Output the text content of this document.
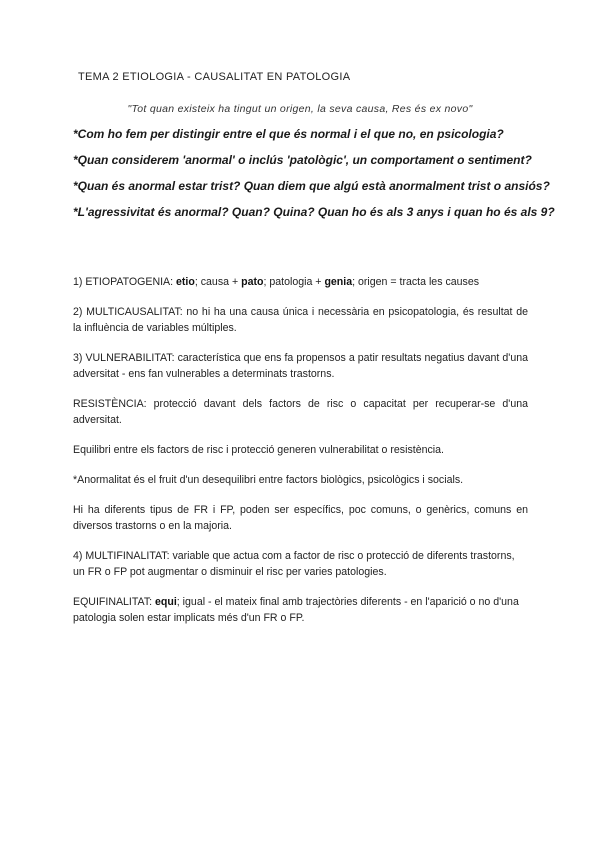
TEMA 2 ETIOLOGIA - CAUSALITAT EN PATOLOGIA
"Tot quan existeix ha tingut un origen, la seva causa, Res és ex novo"
*Com ho fem per distingir entre el que és normal i el que no, en psicologia?
*Quan considerem 'anormal' o inclús 'patològic', un comportament o sentiment?
*Quan és anormal estar trist? Quan diem que algú està anormalment trist o ansiós?
*L'agressivitat és anormal? Quan? Quina? Quan ho és als 3 anys i quan ho és als 9?
1) ETIOPATOGENIA: etio; causa + pato; patologia + genia; origen = tracta les causes
2) MULTICAUSALITAT: no hi ha una causa única i necessària en psicopatologia, és resultat de la influència de variables múltiples.
3) VULNERABILITAT: característica que ens fa propensos a patir resultats negatius davant d'una adversitat - ens fan vulnerables a determinats trastorns.
RESISTÈNCIA: protecció davant dels factors de risc o capacitat per recuperar-se d'una adversitat.
Equilibri entre els factors de risc i protecció generen vulnerabilitat o resistència.
*Anormalitat és el fruit d'un desequilibri entre factors biològics, psicològics i socials.
Hi ha diferents tipus de FR i FP, poden ser específics, poc comuns, o genèrics, comuns en diversos trastorns o en la majoria.
4) MULTIFINALITAT: variable que actua com a factor de risc o protecció de diferents trastorns, un FR o FP pot augmentar o disminuir el risc per varies patologies.
EQUIFINALITAT: equi; igual - el mateix final amb trajectòries diferents - en l'aparició o no d'una patologia solen estar implicats més d'un FR o FP.
